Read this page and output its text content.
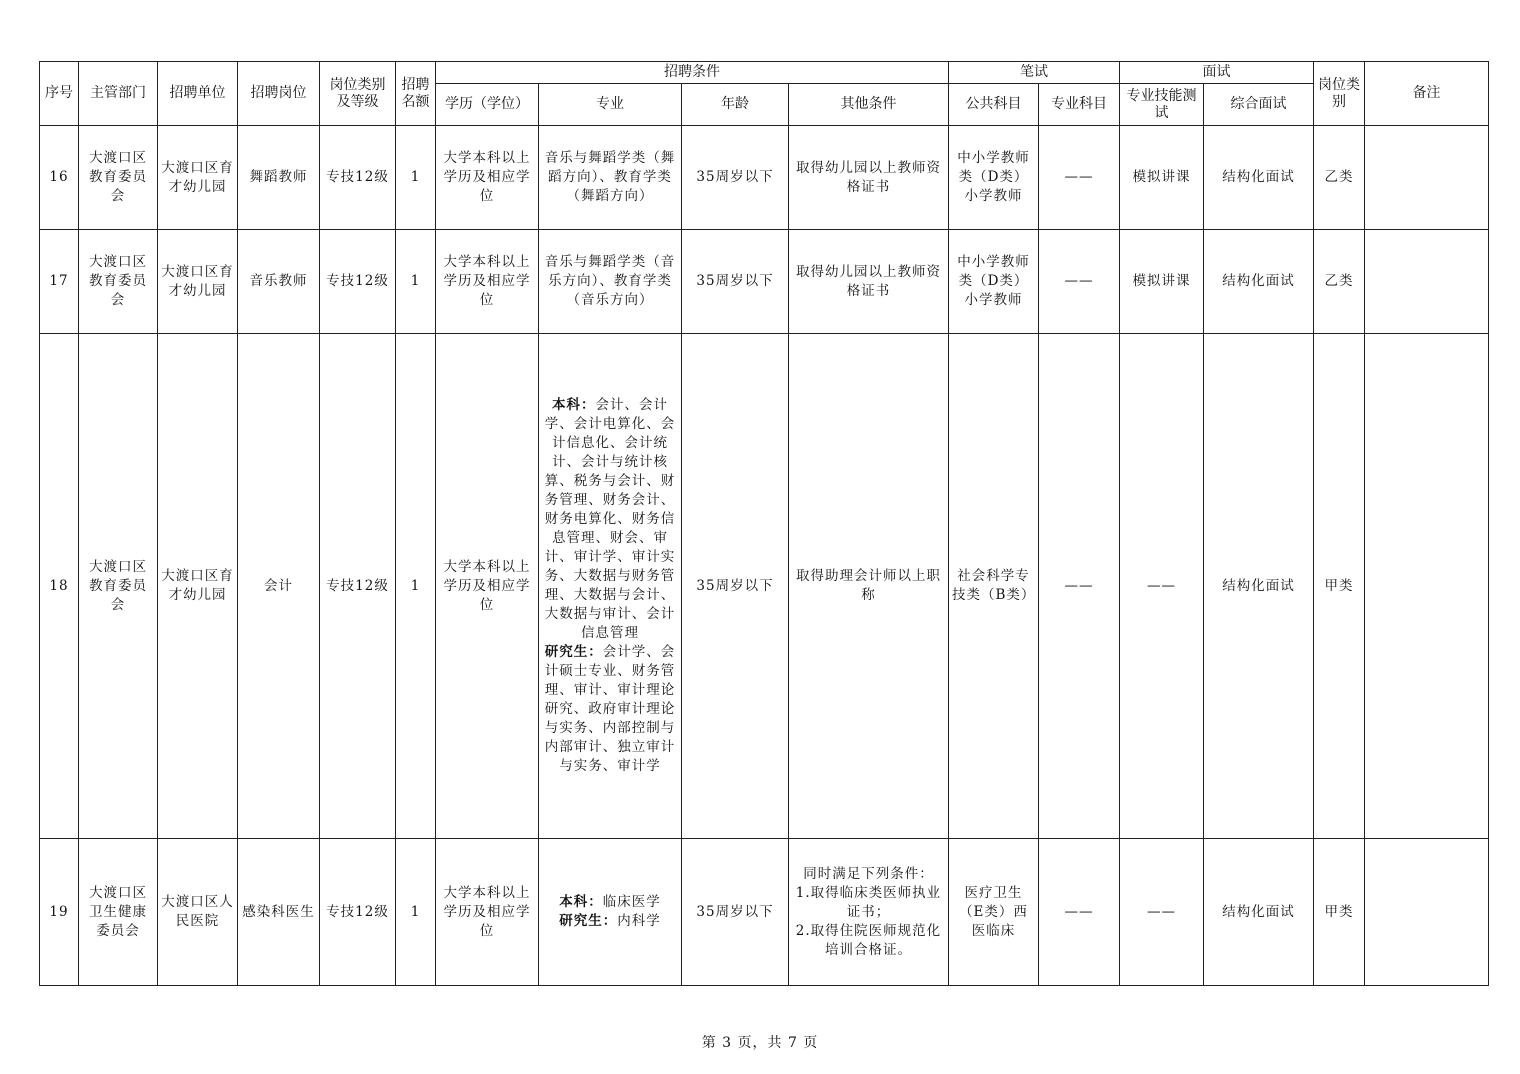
序号	主管部门	招聘单位	招聘岗位	岗位类别及等级	招聘名额	招聘条件				笔试		面试		岗位类别	备注
						学历（学位）	专业	年龄	其他条件	公共科目	专业科目	专业技能测试	综合面试		
16	大渡口区教育委员会	大渡口区育才幼儿园	舞蹈教师	专技12级	1	大学本科以上学历及相应学位	音乐与舞蹈学类（舞蹈方向）、教育学类（舞蹈方向）	35周岁以下	取得幼儿园以上教师资格证书	中小学教师类（D类）小学教师	——	模拟讲课	结构化面试	乙类	
17	大渡口区教育委员会	大渡口区育才幼儿园	音乐教师	专技12级	1	大学本科以上学历及相应学位	音乐与舞蹈学类（音乐方向）、教育学类（音乐方向）	35周岁以下	取得幼儿园以上教师资格证书	中小学教师类（D类）小学教师	——	模拟讲课	结构化面试	乙类	
18	大渡口区教育委员会	大渡口区育才幼儿园	会计	专技12级	1	大学本科以上学历及相应学位	本科：会计、会计学、会计电算化、会计信息化、会计统计、会计与统计核算、税务与会计、财务管理、财务会计、财务电算化、财务信息管理、财会、审计、审计学、审计实务、大数据与财务管理、大数据与会计、大数据与审计、会计信息管理
研究生：会计学、会计硕士专业、财务管理、审计、审计理论研究、政府审计理论与实务、内部控制与内部审计、独立审计与实务、审计学	35周岁以下	取得助理会计师以上职称	社会科学专技类（B类）	——	——	结构化面试	甲类	
19	大渡口区卫生健康委员会	大渡口区人民医院	感染科医生	专技12级	1	大学本科以上学历及相应学位	本科：临床医学
研究生：内科学	35周岁以下	同时满足下列条件：
1.取得临床类医师执业证书；
2.取得住院医师规范化培训合格证。	医疗卫生（E类）西医临床	——	——	结构化面试	甲类	
第 3 页，共 7 页
